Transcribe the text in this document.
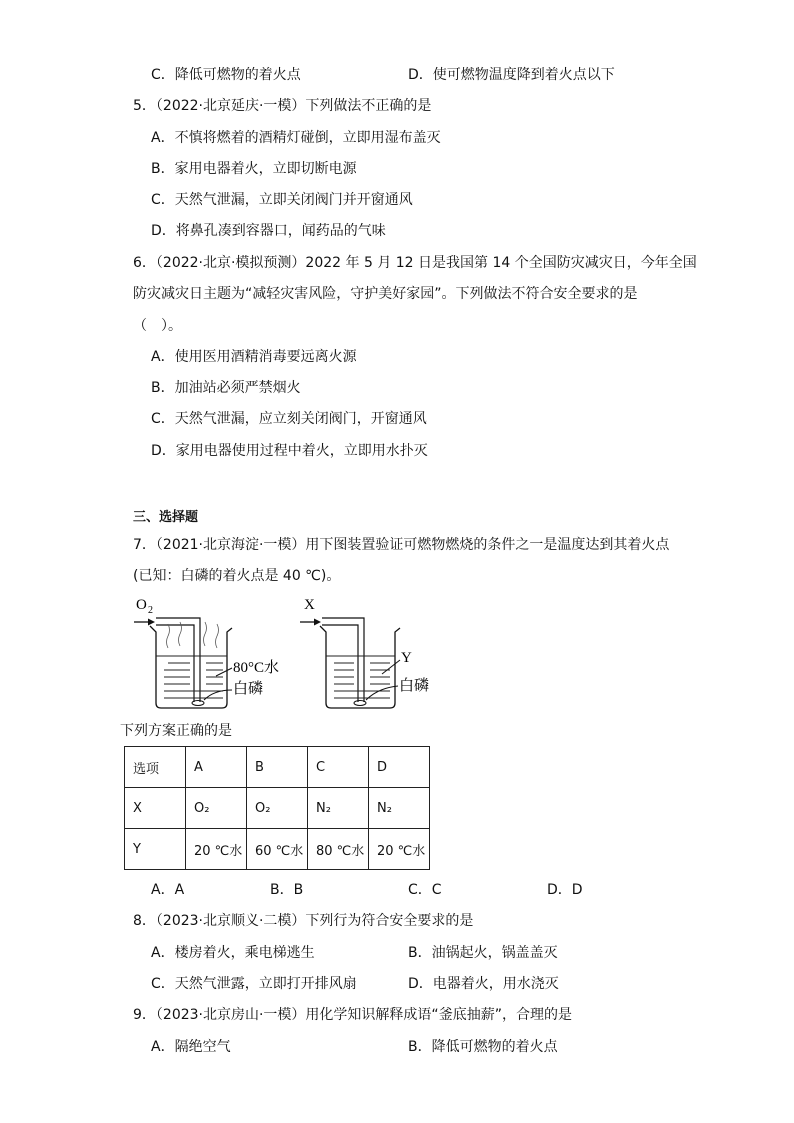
C．降低可燃物的着火点	D．使可燃物温度降到着火点以下
5．（2022·北京延庆·一模）下列做法不正确的是
A．不慎将燃着的酒精灯碰倒，立即用湿布盖灭
B．家用电器着火，立即切断电源
C．天然气泄漏，立即关闭阀门并开窗通风
D．将鼻孔凑到容器口，闻药品的气味
6．（2022·北京·模拟预测）2022 年 5 月 12 日是我国第 14 个全国防灾减灾日，今年全国
防灾减灾日主题为“减轻灾害风险，守护美好家园”。下列做法不符合安全要求的是
（　）。
A．使用医用酒精消毒要远离火源
B．加油站必须严禁烟火
C．天然气泄漏，应立刻关闭阀门，开窗通风
D．家用电器使用过程中着火，立即用水扑灭
三、选择题
7．（2021·北京海淀·一模）用下图装置验证可燃物燃烧的条件之一是温度达到其着火点
(已知：白磷的着火点是 40 ℃)。
O 2
80°C水
白磷
X
Y
白磷
下列方案正确的是
选项	A	B	C	D
X	O₂	O₂	N₂	N₂
Y	20 ℃水	60 ℃水	80 ℃水	20 ℃水
A．A	B．B	C．C	D．D
8．（2023·北京顺义·二模）下列行为符合安全要求的是
A．楼房着火，乘电梯逃生	B．油锅起火，锅盖盖灭
C．天然气泄露，立即打开排风扇	D．电器着火，用水浇灭
9．（2023·北京房山·一模）用化学知识解释成语“釜底抽薪”，合理的是
A．隔绝空气	B．降低可燃物的着火点
